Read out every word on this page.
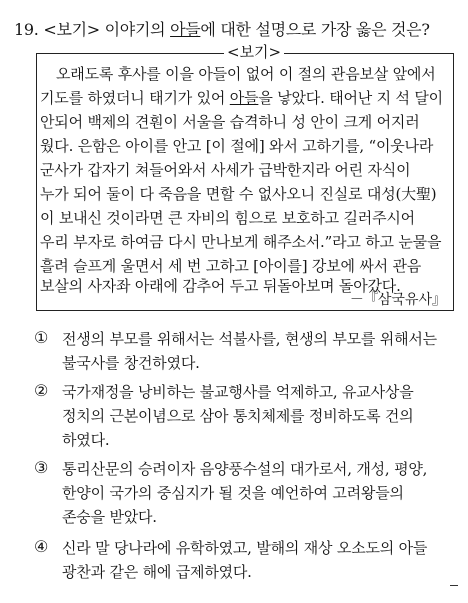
19. <보기> 이야기의 아들에 대한 설명으로 가장 옳은 것은?
<보기>
오래도록 후사를 이을 아들이 없어 이 절의 관음보살 앞에서
기도를 하였더니 태기가 있어 아들을 낳았다. 태어난 지 석 달이
안되어 백제의 견훤이 서울을 습격하니 성 안이 크게 어지러
웠다. 은함은 아이를 안고 [이 절에] 와서 고하기를, “이웃나라
군사가 갑자기 쳐들어와서 사세가 급박한지라 어린 자식이
누가 되어 둘이 다 죽음을 면할 수 없사오니 진실로 대성(大聖)
이 보내신 것이라면 큰 자비의 힘으로 보호하고 길러주시어
우리 부자로 하여금 다시 만나보게 해주소서.”라고 하고 눈물을
흘려 슬프게 울면서 세 번 고하고 [아이를] 강보에 싸서 관음
보살의 사자좌 아래에 감추어 두고 뒤돌아보며 돌아갔다.
－『삼국유사』
① 전생의 부모를 위해서는 석불사를, 현생의 부모를 위해서는
불국사를 창건하였다.
② 국가재정을 낭비하는 불교행사를 억제하고, 유교사상을
정치의 근본이념으로 삼아 통치체제를 정비하도록 건의
하였다.
③ 통리산문의 승려이자 음양풍수설의 대가로서, 개성, 평양,
한양이 국가의 중심지가 될 것을 예언하여 고려왕들의
존숭을 받았다.
④ 신라 말 당나라에 유학하였고, 발해의 재상 오소도의 아들
광찬과 같은 해에 급제하였다.
